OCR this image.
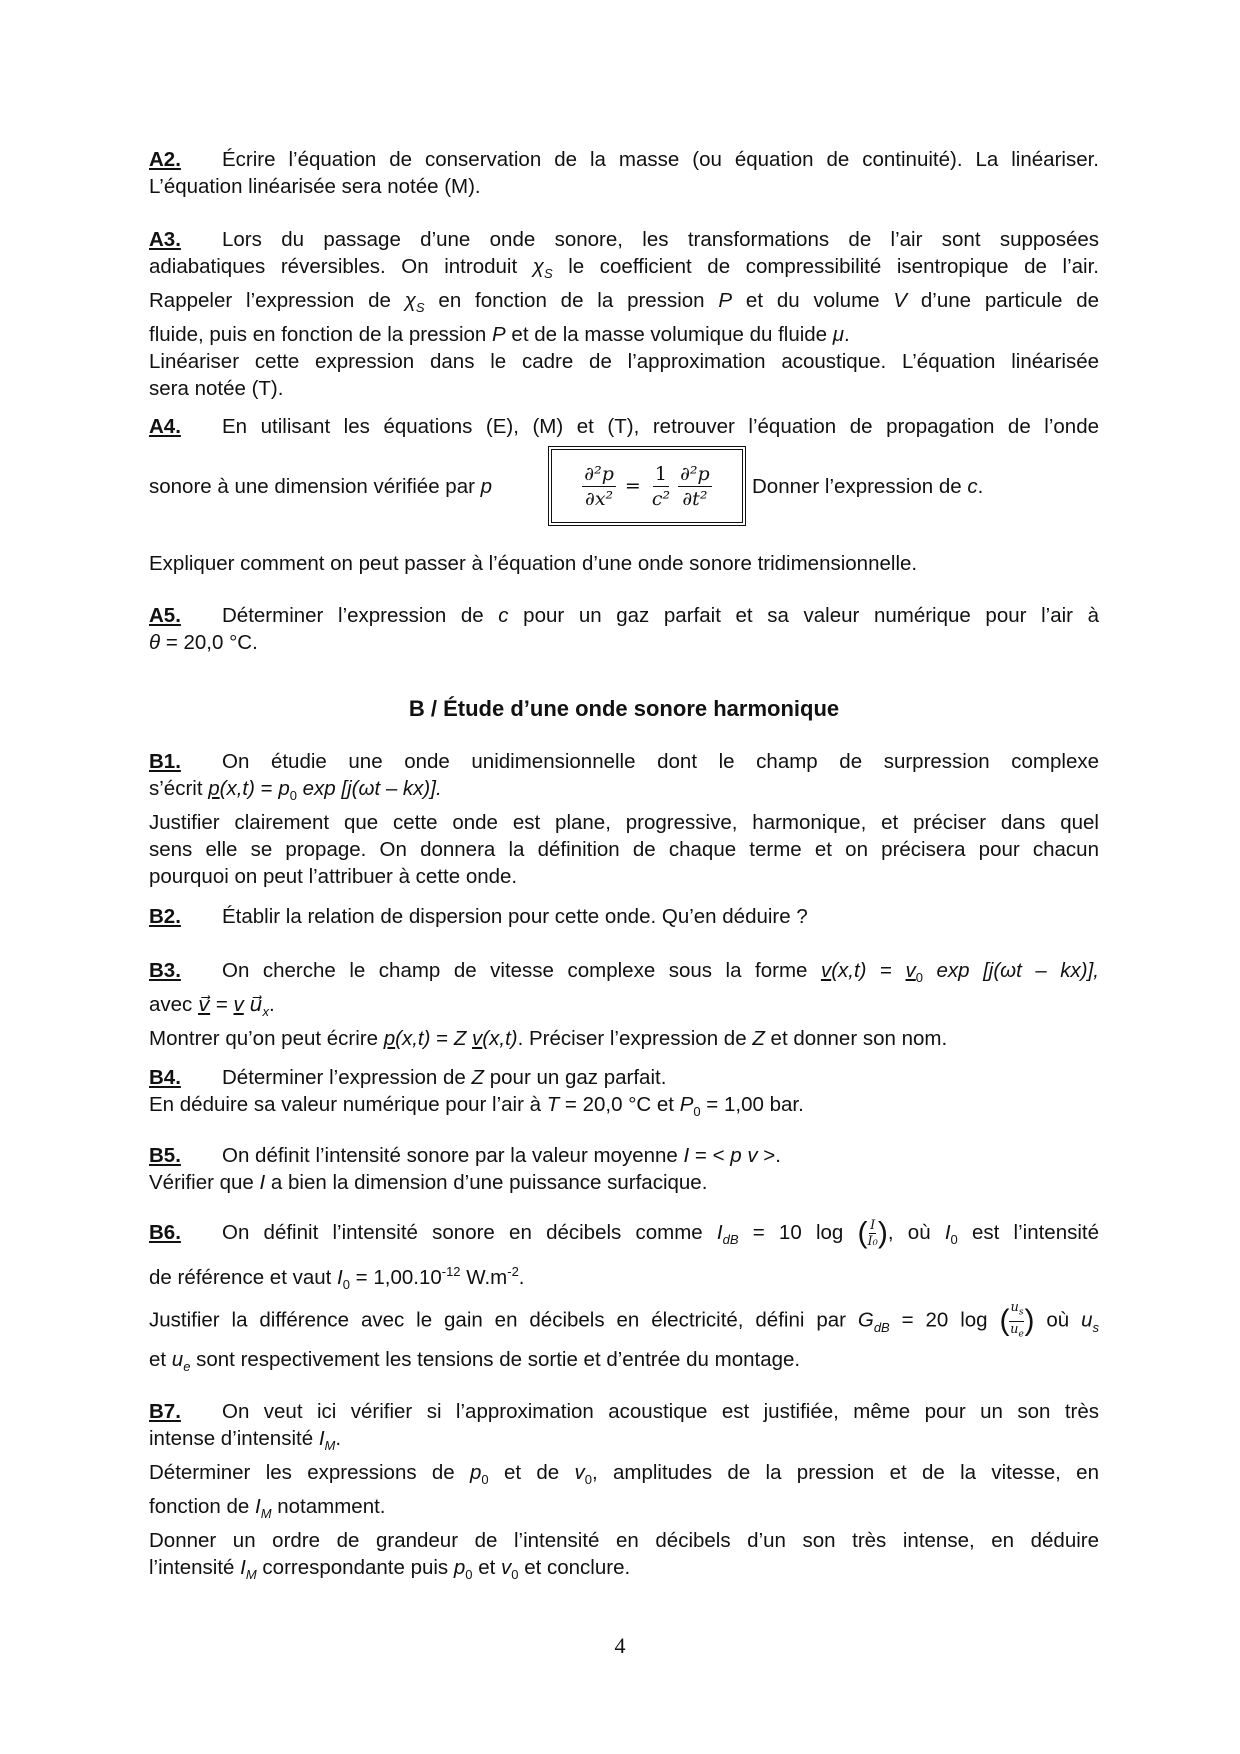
A2. Écrire l’équation de conservation de la masse (ou équation de continuité). La linéariser.

L’équation linéarisée sera notée (M).

A3. Lors du passage d’une onde sonore, les transformations de l’air sont supposées

adiabatiques réversibles. On introduit $\chi_S$ le coefficient de compressibilité isentropique de l’air.

Rappeler l’expression de $\chi_S$ en fonction de la pression P et du volume V d’une particule de

fluide, puis en fonction de la pression P et de la masse volumique du fluide μ.

Linéariser cette expression dans le cadre de l’approximation acoustique. L’équation linéarisée

sera notée (T).

A4. En utilisant les équations (E), (M) et (T), retrouver l’équation de propagation de l’onde

sonore à une dimension vérifiée par p	$\frac{\text{∂²p}}{\text{∂x²}} = \frac{1}{\text{c²}} \frac{\text{∂²p}}{\text{∂t²}}$ Donner l’expression de c.

Expliquer comment on peut passer à l’équation d’une onde sonore tridimensionnelle.

A5. Déterminer l’expression de c pour un gaz parfait et sa valeur numérique pour l’air à

θ = 20,0 °C.

B / Étude d’une onde sonore harmonique

B1. On étudie une onde unidimensionnelle dont le champ de surpression complexe

s’écrit $p(x,t) = p_0$ exp [j(ωt – kx)].

Justifier clairement que cette onde est plane, progressive, harmonique, et préciser dans quel

sens elle se propage. On donnera la définition de chaque terme et on précisera pour chacun

pourquoi on peut l’attribuer à cette onde.

B2. Établir la relation de dispersion pour cette onde. Qu’en déduire ?

B3. On cherche le champ de vitesse complexe sous la forme $v(x,t) = v_0$ exp [j(ωt – kx)],

avec v⃗ = v $u⃗_x$.

Montrer qu’on peut écrire p(x,t) = Z v(x,t). Préciser l’expression de Z et donner son nom.

B4. Déterminer l’expression de Z pour un gaz parfait.

En déduire sa valeur numérique pour l’air à T = 20,0 °C et $P_0 = 1,00$ bar.

B5. On définit l’intensité sonore par la valeur moyenne I = < p v >.

Vérifier que I a bien la dimension d’une puissance surfacique.

B6. On définit l’intensité sonore en décibels comme $I_{dB} = 10$ log ( $\frac{I}{\text{I₀}}$ ), où $I_0$ est l’intensité

de référence et vaut $I_0 = 1,00.10^{-12}$ $W.m^{-2}$.

Justifier la différence avec le gain en décibels en électricité, défini par $G_{dB} = 20$ log ( $\frac{u_s}{u_e}$ ) où $u_s$

et $u_e$ sont respectivement les tensions de sortie et d’entrée du montage.

B7. On veut ici vérifier si l’approximation acoustique est justifiée, même pour un son très

intense d’intensité $I_M$.

Déterminer les expressions de $p_0$ et de $v_0$, amplitudes de la pression et de la vitesse, en

fonction de $I_M$ notamment.

Donner un ordre de grandeur de l’intensité en décibels d’un son très intense, en déduire

l’intensité $I_M$ correspondante puis $p_0$ et $v_0$ et conclure.

4
